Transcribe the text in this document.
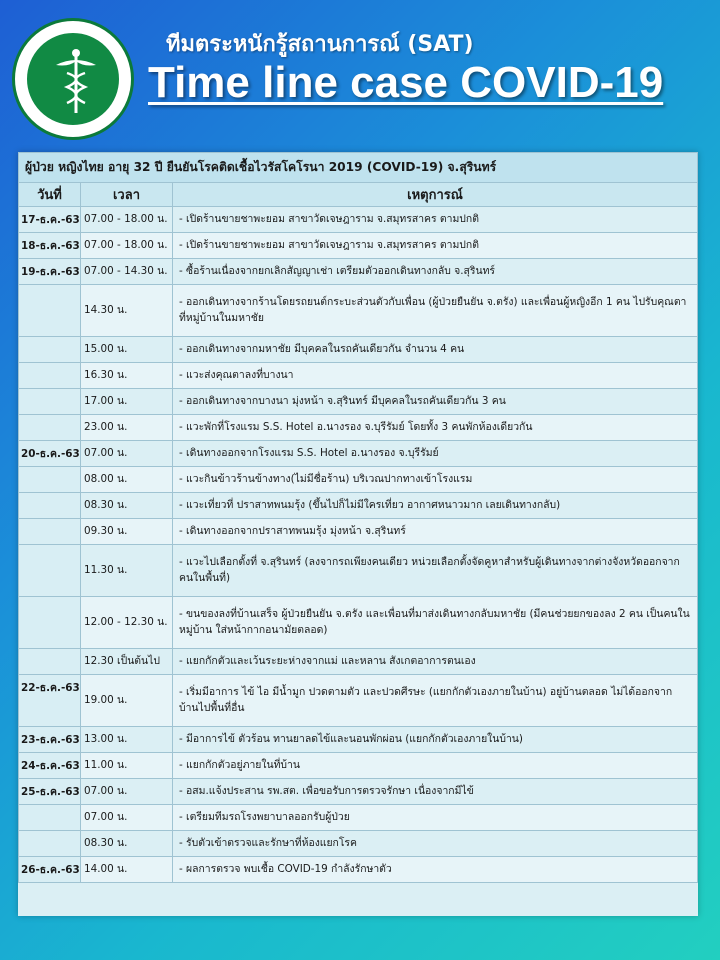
ทีมตระหนักรู้สถานการณ์ (SAT)
Time line case COVID-19
ผู้ป่วย หญิงไทย อายุ 32 ปี ยืนยันโรคติดเชื้อไวรัสโคโรนา 2019 (COVID-19) จ.สุรินทร์		
วันที่	เวลา	เหตุการณ์
17-ธ.ค.-63	07.00 - 18.00 น.	- เปิดร้านขายชาพะยอม สาขาวัดเจษฎาราม จ.สมุทรสาคร ตามปกติ
18-ธ.ค.-63	07.00 - 18.00 น.	- เปิดร้านขายชาพะยอม สาขาวัดเจษฎาราม จ.สมุทรสาคร ตามปกติ
19-ธ.ค.-63	07.00 - 14.30 น.	- ซื้อร้านเนื่องจากยกเลิกสัญญาเช่า เตรียมตัวออกเดินทางกลับ จ.สุรินทร์
	14.30 น.	- ออกเดินทางจากร้านโดยรถยนต์กระบะส่วนตัวกับเพื่อน (ผู้ป่วยยืนยัน จ.ตรัง) และเพื่อนผู้หญิงอีก 1 คน ไปรับคุณตาที่หมู่บ้านในมหาชัย
	15.00 น.	- ออกเดินทางจากมหาชัย มีบุคคลในรถคันเดียวกัน จำนวน 4 คน
	16.30 น.	- แวะส่งคุณตาลงที่บางนา
	17.00 น.	- ออกเดินทางจากบางนา มุ่งหน้า จ.สุรินทร์ มีบุคคลในรถคันเดียวกัน 3 คน
	23.00 น.	- แวะพักที่โรงแรม S.S. Hotel อ.นางรอง จ.บุรีรัมย์ โดยทั้ง 3 คนพักห้องเดียวกัน
20-ธ.ค.-63	07.00 น.	- เดินทางออกจากโรงแรม S.S. Hotel อ.นางรอง จ.บุรีรัมย์
	08.00 น.	- แวะกินข้าวร้านข้างทาง(ไม่มีชื่อร้าน) บริเวณปากทางเข้าโรงแรม
	08.30 น.	- แวะเที่ยวที่ ปราสาทพนมรุ้ง (ขึ้นไปก็ไม่มีใครเที่ยว อากาศหนาวมาก เลยเดินทางกลับ)
	09.30 น.	- เดินทางออกจากปราสาทพนมรุ้ง มุ่งหน้า จ.สุรินทร์
	11.30 น.	- แวะไปเลือกตั้งที่ จ.สุรินทร์ (ลงจากรถเพียงคนเดียว หน่วยเลือกตั้งจัดคูหาสำหรับผู้เดินทางจากต่างจังหวัดออกจากคนในพื้นที่)
	12.00 - 12.30 น.	- ขนของลงที่บ้านเสร็จ ผู้ป่วยยืนยัน จ.ตรัง และเพื่อนที่มาส่งเดินทางกลับมหาชัย (มีคนช่วยยกของลง 2 คน เป็นคนในหมู่บ้าน ใส่หน้ากากอนามัยตลอด)
	12.30 เป็นต้นไป	- แยกกักตัวและเว้นระยะห่างจากแม่ และหลาน สังเกตอาการตนเอง
22-ธ.ค.-63	19.00 น.	- เริ่มมีอาการ ไข้ ไอ มีน้ำมูก ปวดตามตัว และปวดศีรษะ (แยกกักตัวเองภายในบ้าน) อยู่บ้านตลอด ไม่ได้ออกจากบ้านไปพื้นที่อื่น
23-ธ.ค.-63	13.00 น.	- มีอาการไข้ ตัวร้อน ทานยาลดไข้และนอนพักผ่อน (แยกกักตัวเองภายในบ้าน)
24-ธ.ค.-63	11.00 น.	- แยกกักตัวอยู่ภายในที่บ้าน
25-ธ.ค.-63	07.00 น.	- อสม.แจ้งประสาน รพ.สต. เพื่อขอรับการตรวจรักษา เนื่องจากมีไข้
	07.00 น.	- เตรียมทีมรถโรงพยาบาลออกรับผู้ป่วย
	08.30 น.	- รับตัวเข้าตรวจและรักษาที่ห้องแยกโรค
26-ธ.ค.-63	14.00 น.	- ผลการตรวจ พบเชื้อ COVID-19 กำลังรักษาตัว
